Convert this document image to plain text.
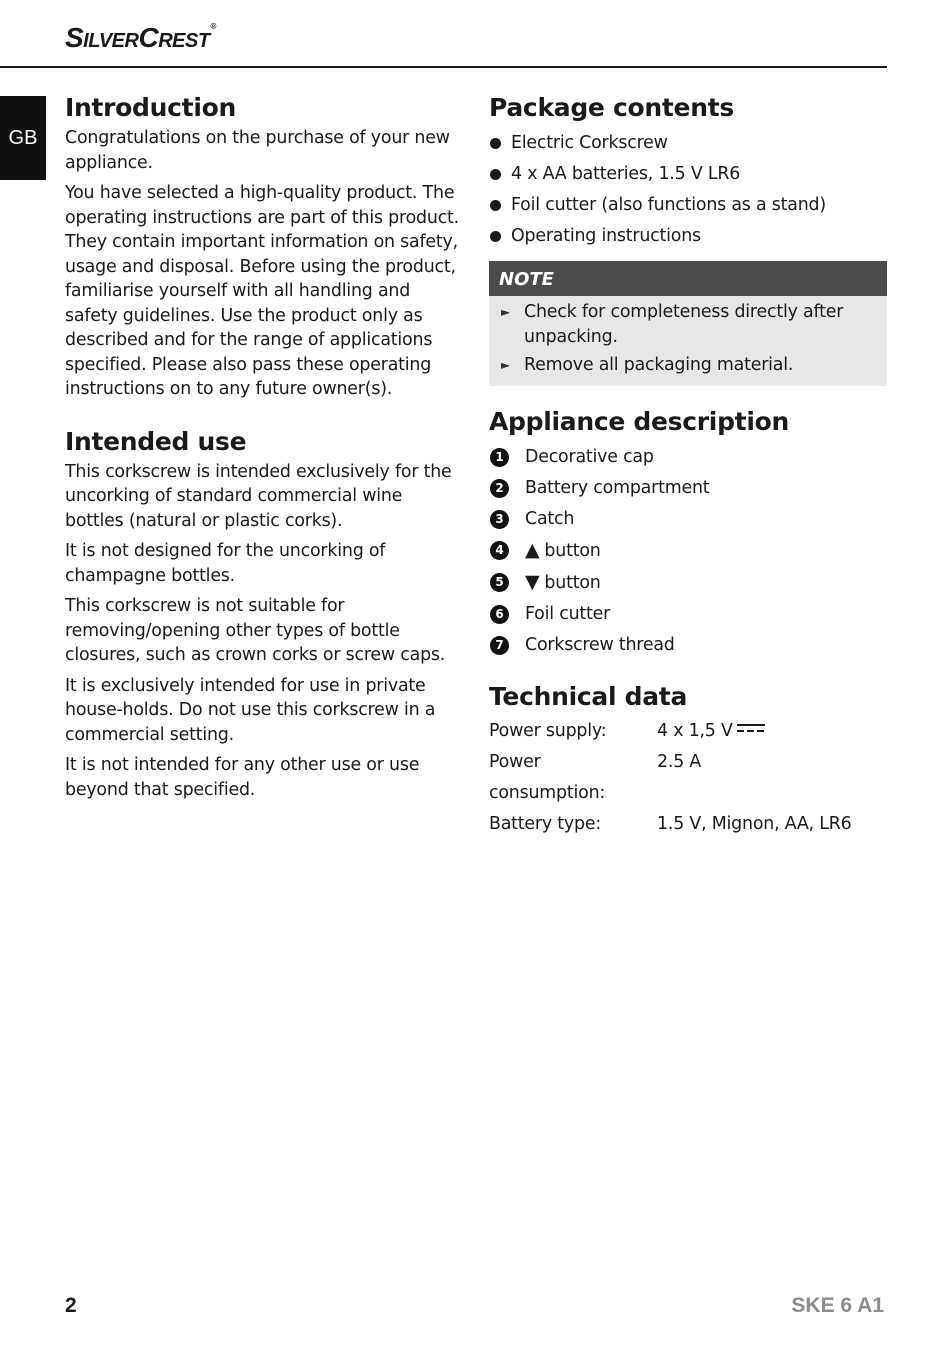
SilverCrest®
GB
Introduction

Congratulations on the purchase of your new appliance.

You have selected a high-quality product. The operating instructions are part of this product. They contain important information on safety, usage and disposal. Before using the product, familiarise yourself with all handling and safety guidelines. Use the product only as described and for the range of applications specified. Please also pass these operating instructions on to any future owner(s).

Intended use

This corkscrew is intended exclusively for the uncorking of standard commercial wine bottles (natural or plastic corks).

It is not designed for the uncorking of champagne bottles.

This corkscrew is not suitable for removing/opening other types of bottle closures, such as crown corks or screw caps.

It is exclusively intended for use in private house-holds. Do not use this corkscrew in a commercial setting.

It is not intended for any other use or use beyond that specified.

Package contents
Electric Corkscrew
4 x AA batteries, 1.5 V LR6
Foil cutter (also functions as a stand)
Operating instructions
NOTE
► Check for completeness directly after unpacking.
► Remove all packaging material.
Appliance description
1	Decorative cap
2	Battery compartment
3	Catch
4 ▲ button
5 ▼ button
6	Foil cutter
7	Corkscrew thread
Technical data
Power supply:	4 x 1,5 V

Power consumption:	2.5 A
Battery type:	1.5 V, Mignon, AA, LR6
2	SKE 6 A1
